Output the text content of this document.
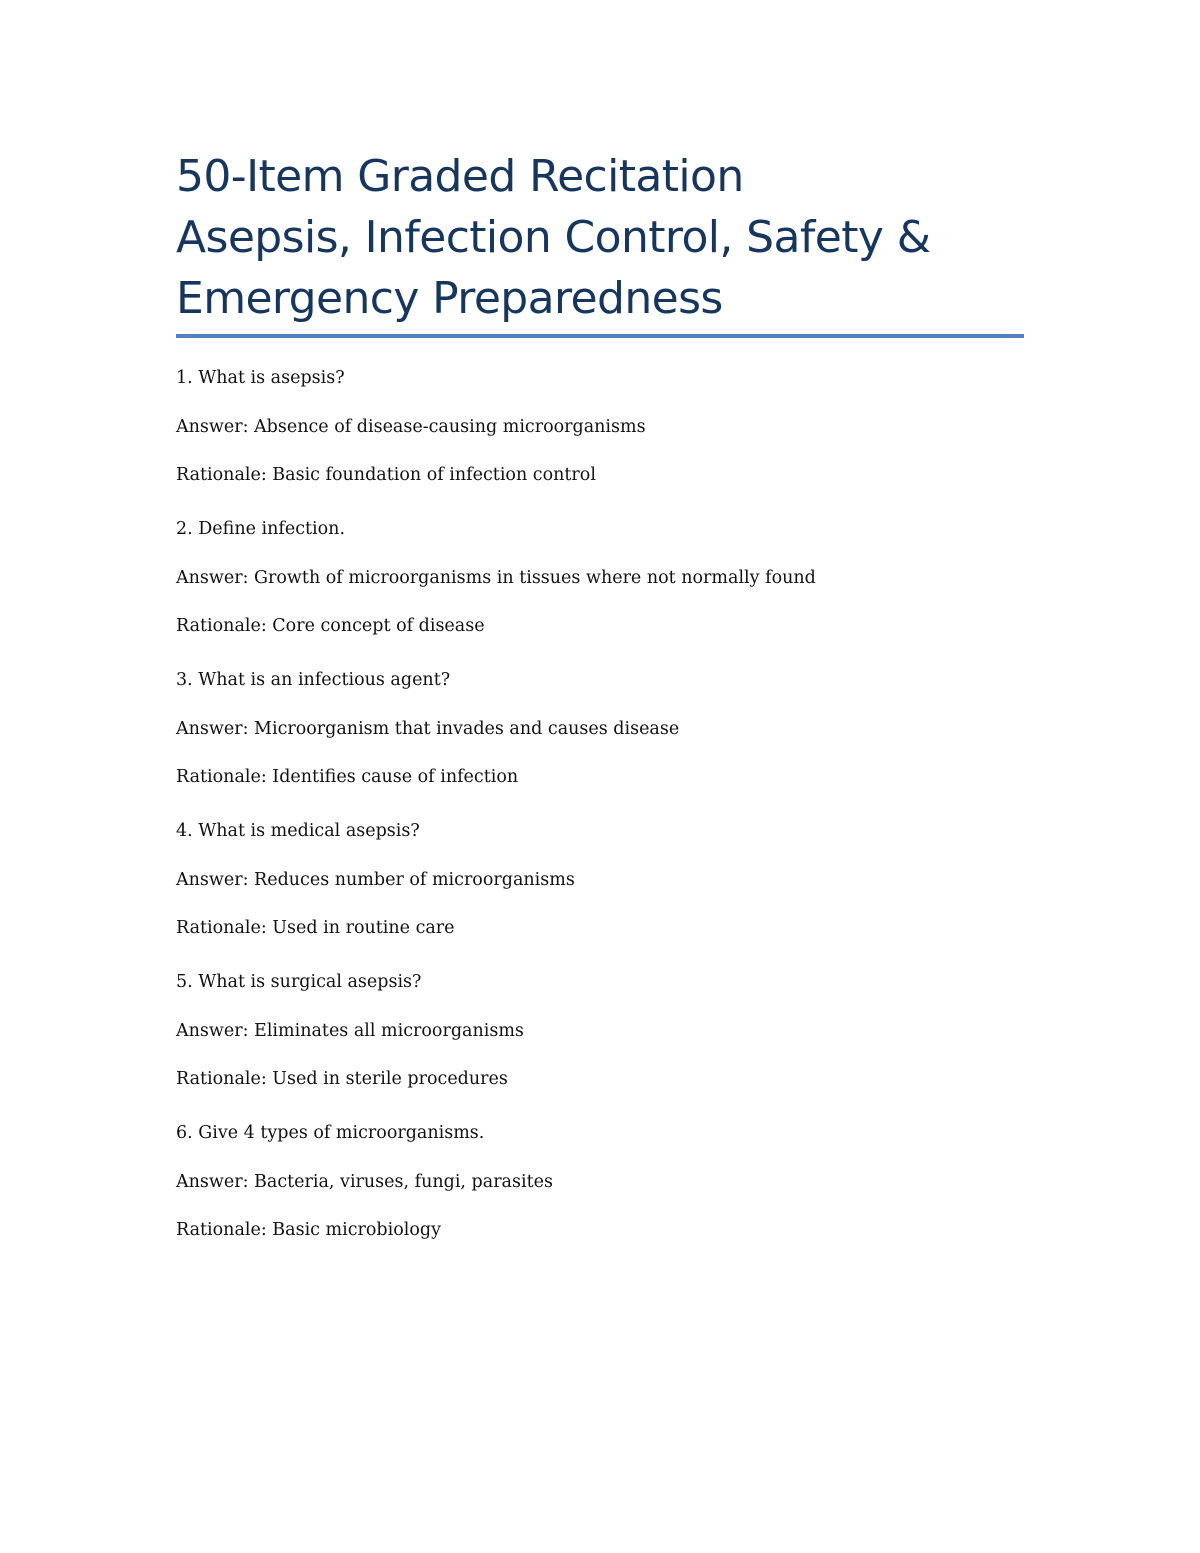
50-Item Graded Recitation
Asepsis, Infection Control, Safety &
Emergency Preparedness
1. What is asepsis?
Answer: Absence of disease-causing microorganisms
Rationale: Basic foundation of infection control
2. Define infection.
Answer: Growth of microorganisms in tissues where not normally found
Rationale: Core concept of disease
3. What is an infectious agent?
Answer: Microorganism that invades and causes disease
Rationale: Identifies cause of infection
4. What is medical asepsis?
Answer: Reduces number of microorganisms
Rationale: Used in routine care
5. What is surgical asepsis?
Answer: Eliminates all microorganisms
Rationale: Used in sterile procedures
6. Give 4 types of microorganisms.
Answer: Bacteria, viruses, fungi, parasites
Rationale: Basic microbiology
